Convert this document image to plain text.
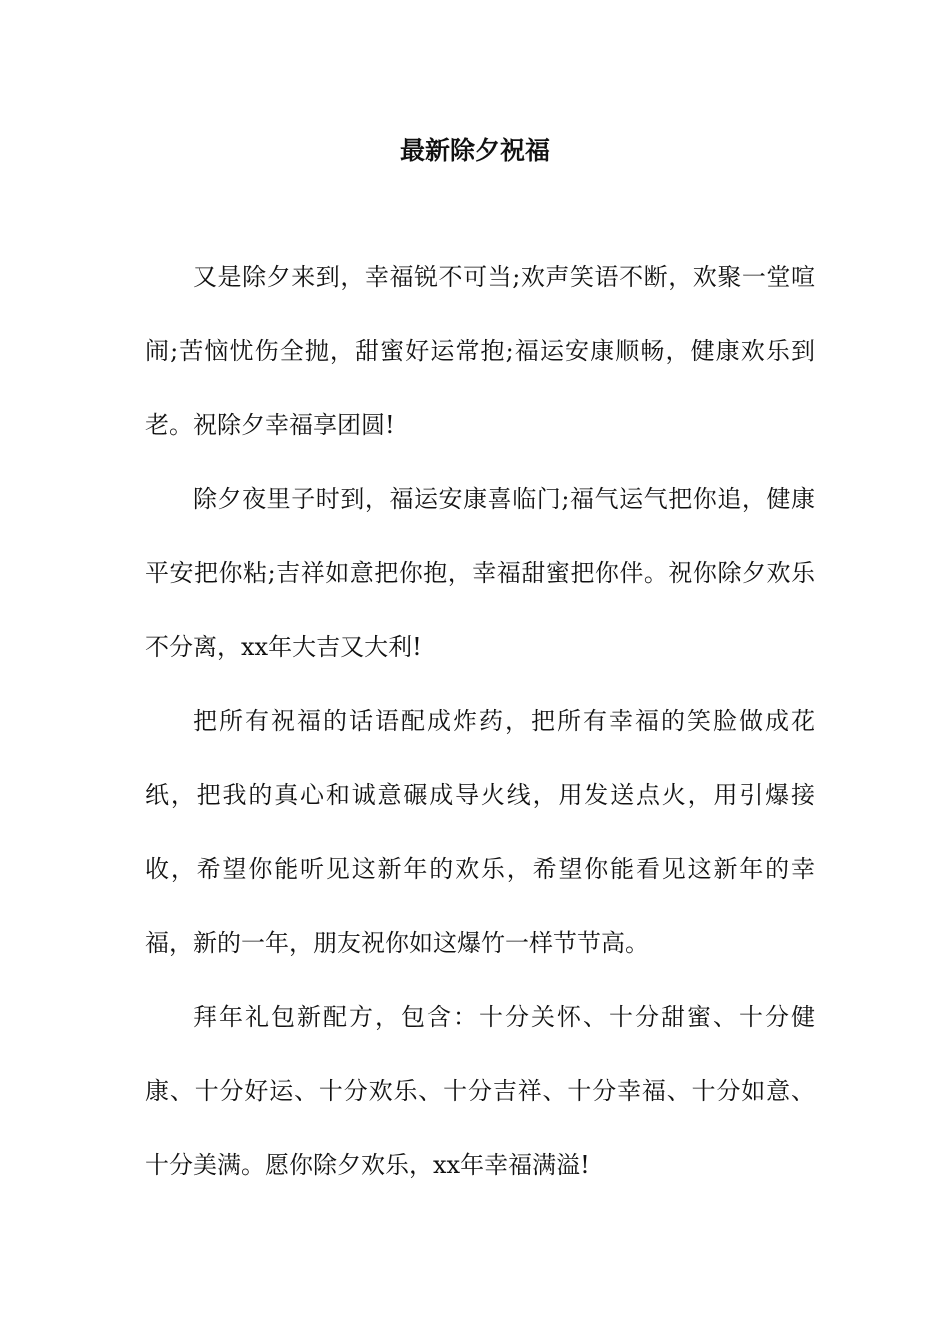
最新除夕祝福

又是除夕来到，幸福锐不可当;欢声笑语不断，欢聚一堂喧闹;苦恼忧伤全抛，甜蜜好运常抱;福运安康顺畅，健康欢乐到老。祝除夕幸福享团圆!

除夕夜里子时到，福运安康喜临门;福气运气把你追，健康平安把你粘;吉祥如意把你抱，幸福甜蜜把你伴。祝你除夕欢乐不分离，xx年大吉又大利!

把所有祝福的话语配成炸药，把所有幸福的笑脸做成花纸，把我的真心和诚意碾成导火线，用发送点火，用引爆接收，希望你能听见这新年的欢乐，希望你能看见这新年的幸福，新的一年，朋友祝你如这爆竹一样节节高。

拜年礼包新配方，包含：十分关怀、十分甜蜜、十分健康、十分好运、十分欢乐、十分吉祥、十分幸福、十分如意、十分美满。愿你除夕欢乐，xx年幸福满溢!
